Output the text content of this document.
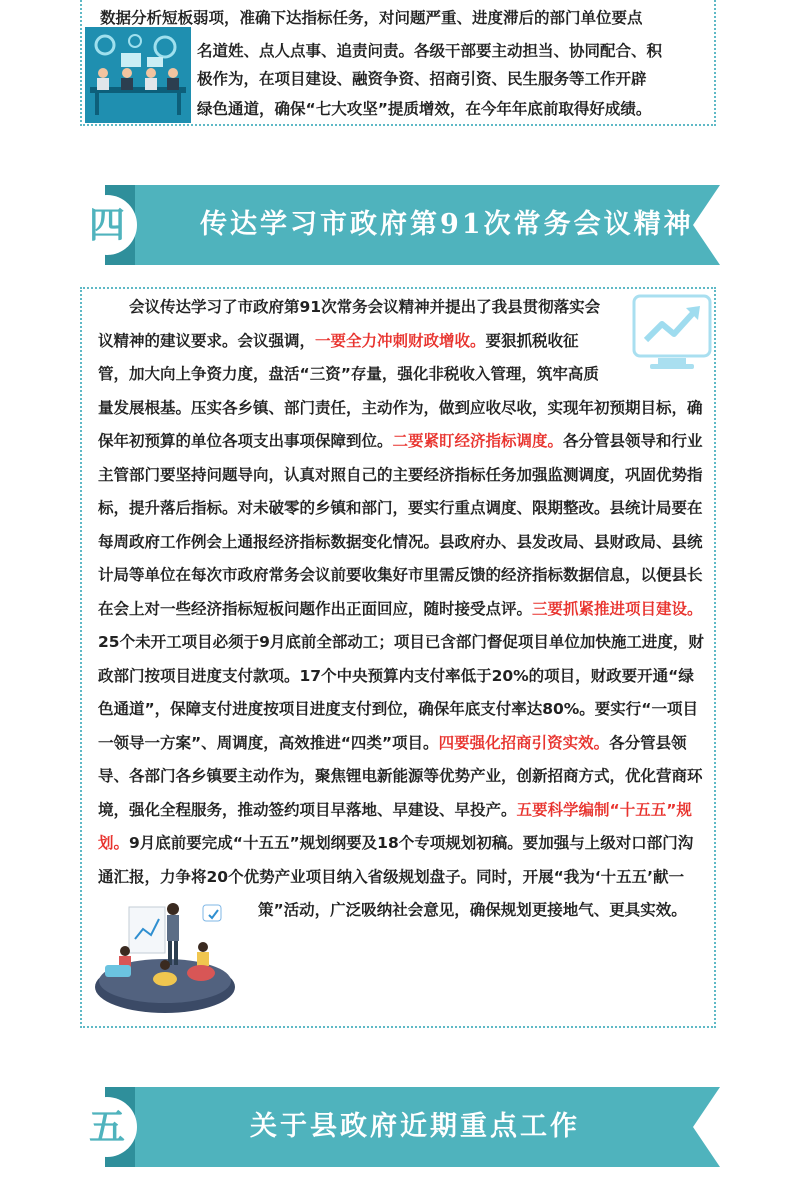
数据分析短板弱项，准确下达指标任务，对问题严重、进度滞后的部门单位要点

名道姓、点人点事、追责问责。各级干部要主动担当、协同配合、积

极作为，在项目建设、融资争资、招商引资、民生服务等工作开辟

绿色通道，确保“七大攻坚”提质增效，在今年年底前取得好成绩。

四	传达学习市政府第91次常务会议精神
会议传达学习了市政府第91次常务会议精神并提出了我县贯彻落实会议精神的建议要求。会议强调，一要全力冲刺财政增收。要狠抓税收征管，加大向上争资力度，盘活“三资”存量，强化非税收入管理，筑牢高质量发展根基。压实各乡镇、部门责任，主动作为，做到应收尽收，实现年初预期目标，确保年初预算的单位各项支出事项保障到位。二要紧盯经济指标调度。各分管县领导和行业主管部门要坚持问题导向，认真对照自己的主要经济指标任务加强监测调度，巩固优势指标，提升落后指标。对未破零的乡镇和部门，要实行重点调度、限期整改。县统计局要在每周政府工作例会上通报经济指标数据变化情况。县政府办、县发改局、县财政局、县统计局等单位在每次市政府常务会议前要收集好市里需反馈的经济指标数据信息，以便县长在会上对一些经济指标短板问题作出正面回应，随时接受点评。三要抓紧推进项目建设。25个未开工项目必须于9月底前全部动工；项目已含部门督促项目单位加快施工进度，财政部门按项目进度支付款项。17个中央预算内支付率低于20%的项目，财政要开通“绿色通道”，保障支付进度按项目进度支付到位，确保年底支付率达80%。要实行“一项目一领导一方案”、周调度，高效推进“四类”项目。四要强化招商引资实效。各分管县领导、各部门各乡镇要主动作为，聚焦锂电新能源等优势产业，创新招商方式，优化营商环境，强化全程服务，推动签约项目早落地、早建设、早投产。五要科学编制“十五五”规划。9月底前要完成“十五五”规划纲要及18个专项规划初稿。要加强与上级对口部门沟通汇报，力争将20个优势产业项目纳入省级规划盘子。同时，开展“我为‘十五五’献一策”活动，广泛吸纳社会意见，确保规划更接地气、更具实效。
五	关于县政府近期重点工作
